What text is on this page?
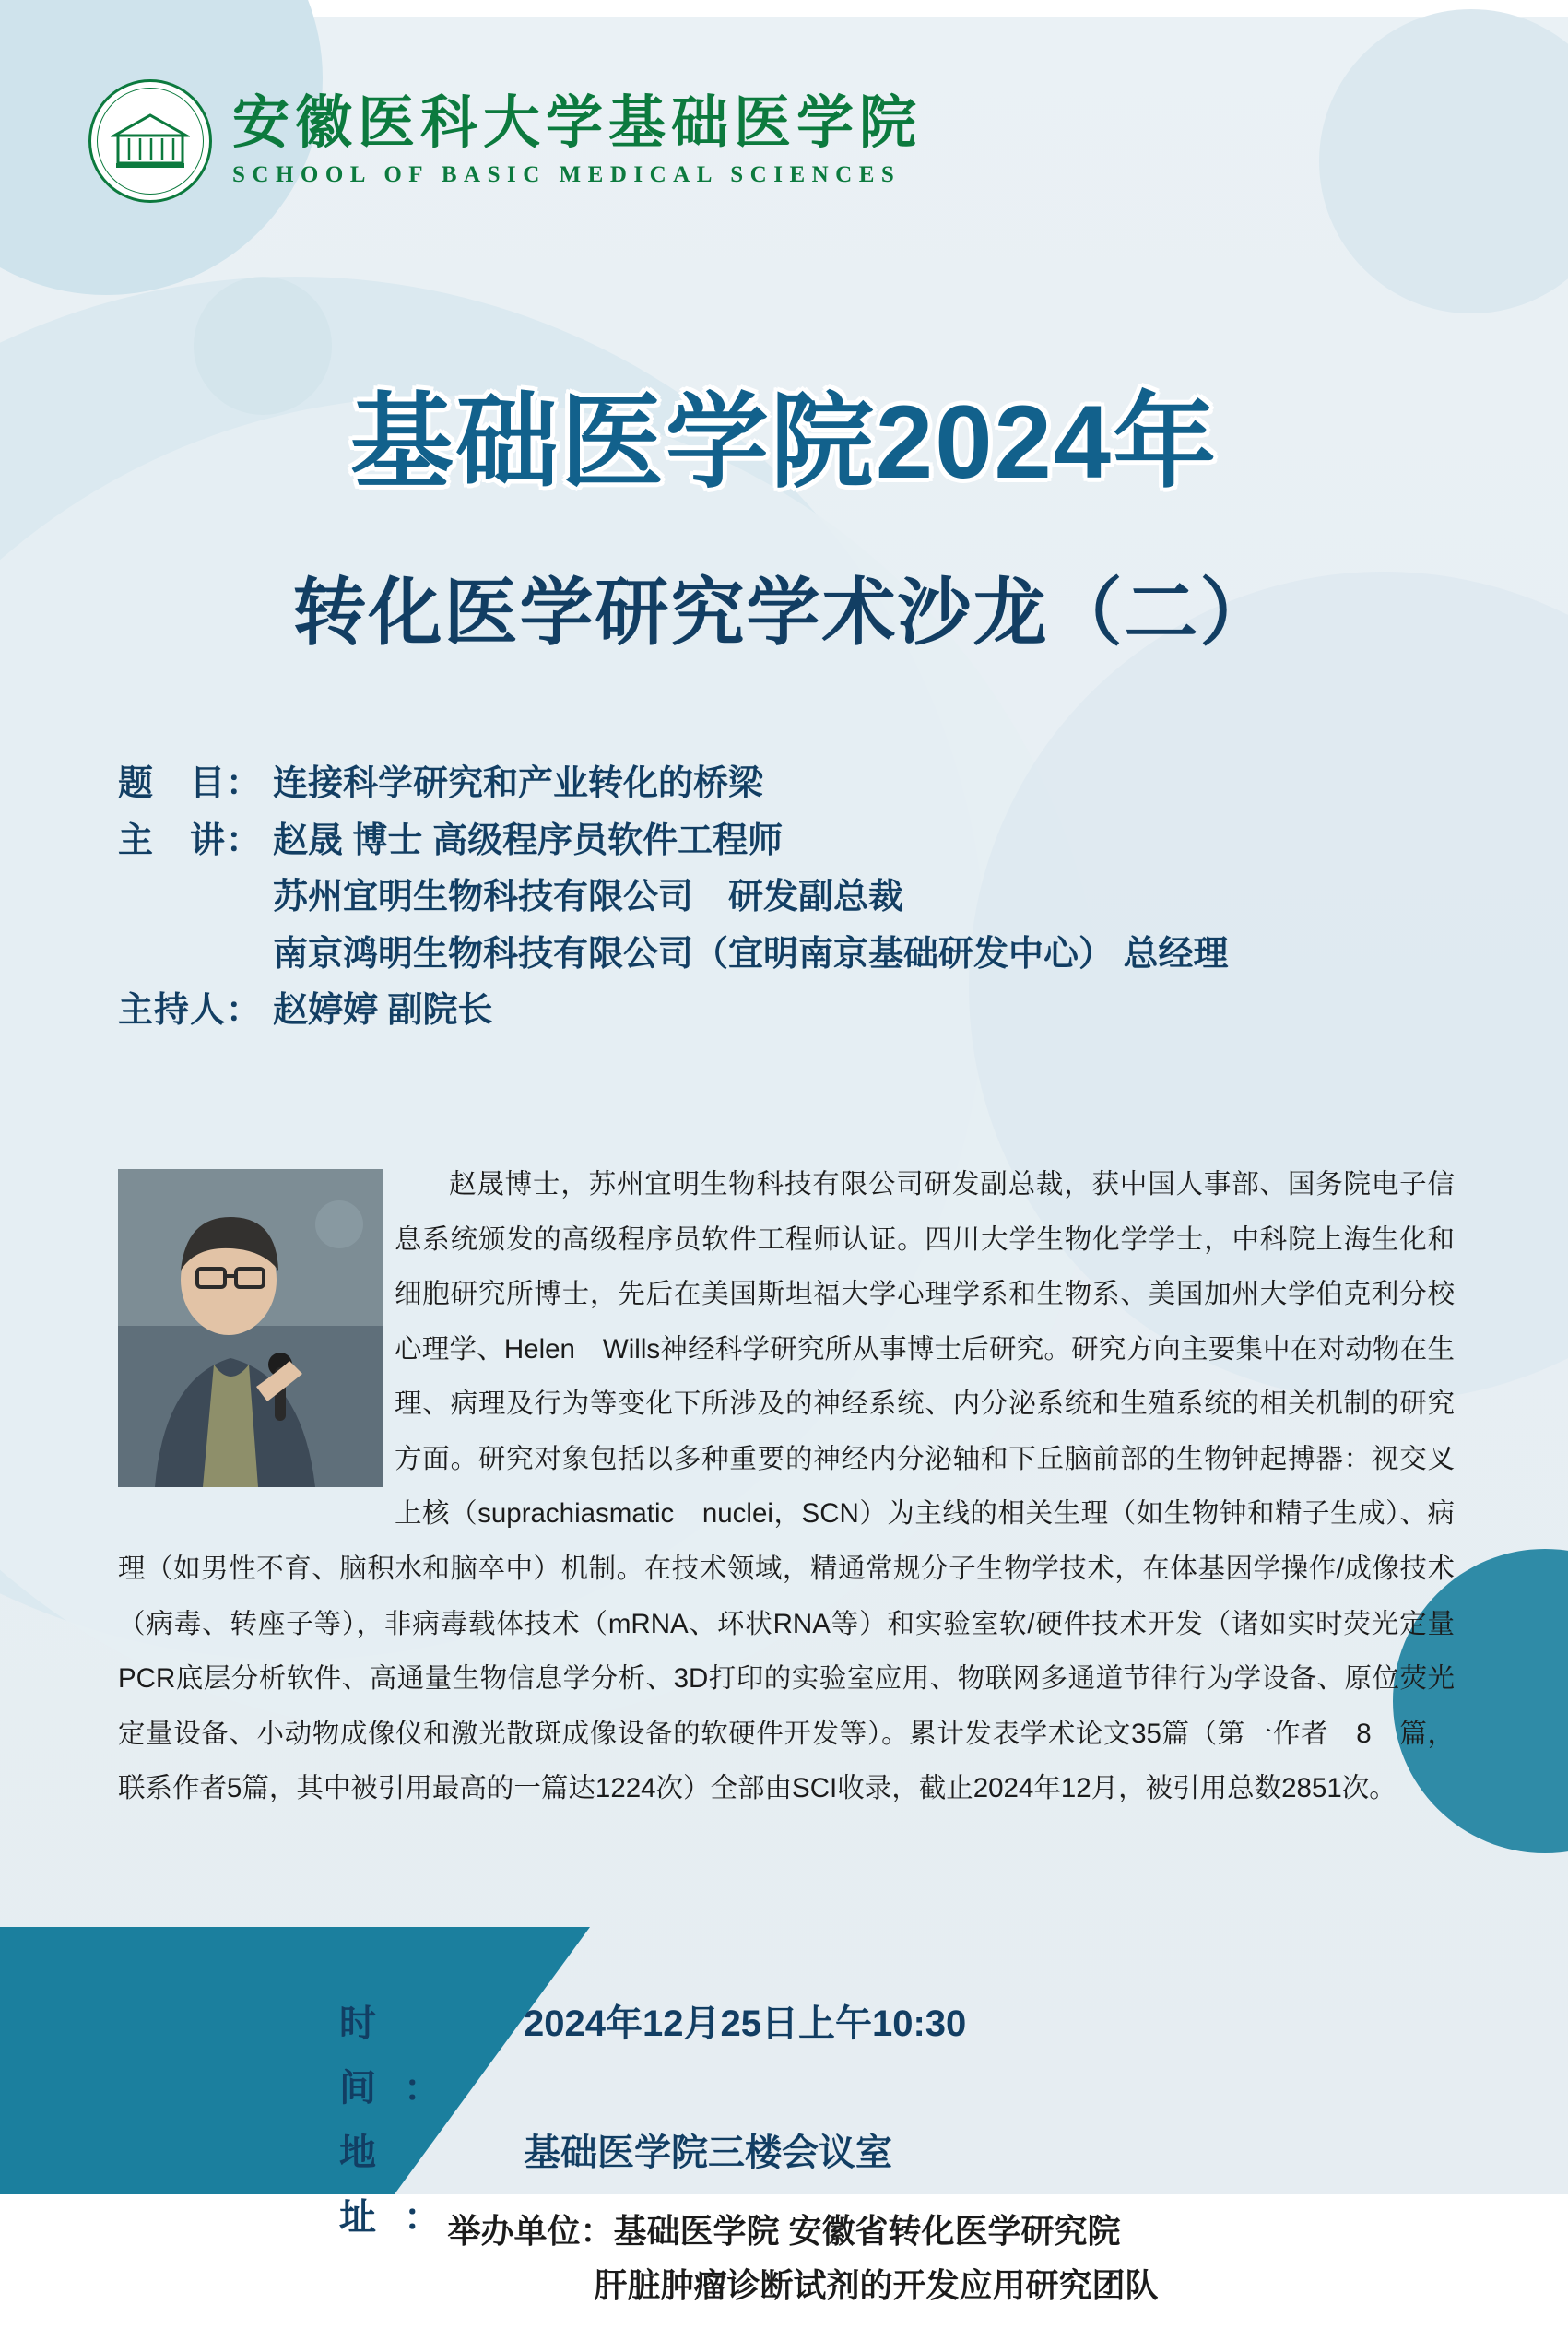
安徽医科大学基础医学院
SCHOOL OF BASIC MEDICAL SCIENCES
基础医学院2024年
转化医学研究学术沙龙（二）
题　目： 连接科学研究和产业转化的桥梁
主　讲： 赵晟 博士 高级程序员软件工程师
苏州宜明生物科技有限公司　研发副总裁
南京鸿明生物科技有限公司（宜明南京基础研发中心） 总经理
主持人： 赵婷婷 副院长

赵晟博士，苏州宜明生物科技有限公司研发副总裁，获中国人事部、国务院电子信息系统颁发的高级程序员软件工程师认证。四川大学生物化学学士，中科院上海生化和细胞研究所博士，先后在美国斯坦福大学心理学系和生物系、美国加州大学伯克利分校心理学、Helen　Wills神经科学研究所从事博士后研究。研究方向主要集中在对动物在生理、病理及行为等变化下所涉及的神经系统、内分泌系统和生殖系统的相关机制的研究方面。研究对象包括以多种重要的神经内分泌轴和下丘脑前部的生物钟起搏器：视交叉上核（suprachiasmatic　nuclei，SCN）为主线的相关生理（如生物钟和精子生成）、病理（如男性不育、脑积水和脑卒中）机制。在技术领域，精通常规分子生物学技术，在体基因学操作/成像技术（病毒、转座子等），非病毒载体技术（mRNA、环状RNA等）和实验室软/硬件技术开发（诸如实时荧光定量PCR底层分析软件、高通量生物信息学分析、3D打印的实验室应用、物联网多通道节律行为学设备、原位荧光定量设备、小动物成像仪和激光散斑成像设备的软硬件开发等）。累计发表学术论文35篇（第一作者　8　篇，联系作者5篇，其中被引用最高的一篇达1224次）全部由SCI收录，截止2024年12月，被引用总数2851次。

时　间：
2024年12月25日上午10:30
地　址：
基础医学院三楼会议室
举办单位：基础医学院 安徽省转化医学研究院
肝脏肿瘤诊断试剂的开发应用研究团队
